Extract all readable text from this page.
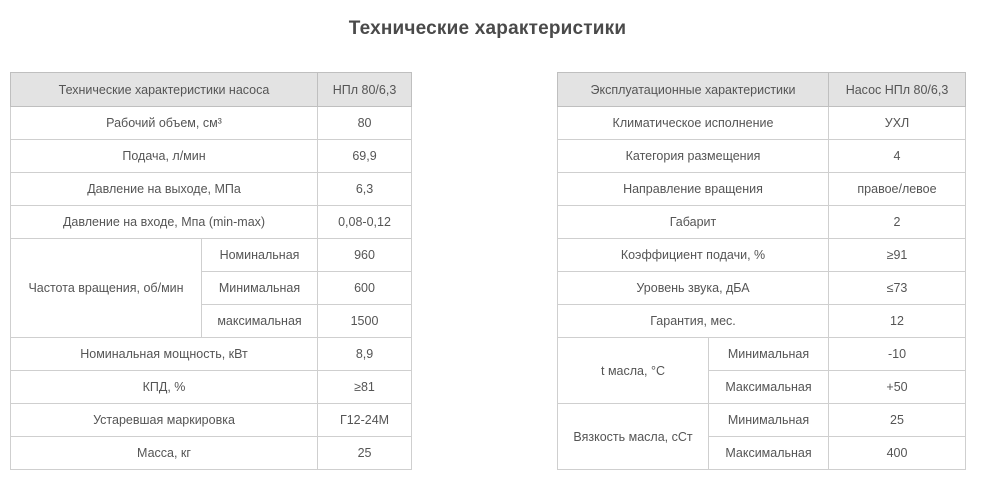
Технические характеристики
Технические характеристики насоса		НПл 80/6,3
Рабочий объем, см³		80
Подача, л/мин		69,9
Давление на выходе, МПа		6,3
Давление на входе, Мпа (min-max)		0,08-0,12
Частота вращения, об/мин	Номинальная	960
	Минимальная	600
	максимальная	1500
Номинальная мощность, кВт		8,9
КПД, %		≥81
Устаревшая маркировка		Г12-24М
Масса, кг		25
Эксплуатационные характеристики		Насос НПл 80/6,3
Климатическое исполнение		УХЛ
Категория размещения		4
Направление вращения		правое/левое
Габарит		2
Коэффициент подачи, %		≥91
Уровень звука, дБА		≤73
Гарантия, мес.		12
t масла, °С	Минимальная	-10
	Максимальная	+50
Вязкость масла, сСт	Минимальная	25
	Максимальная	400
